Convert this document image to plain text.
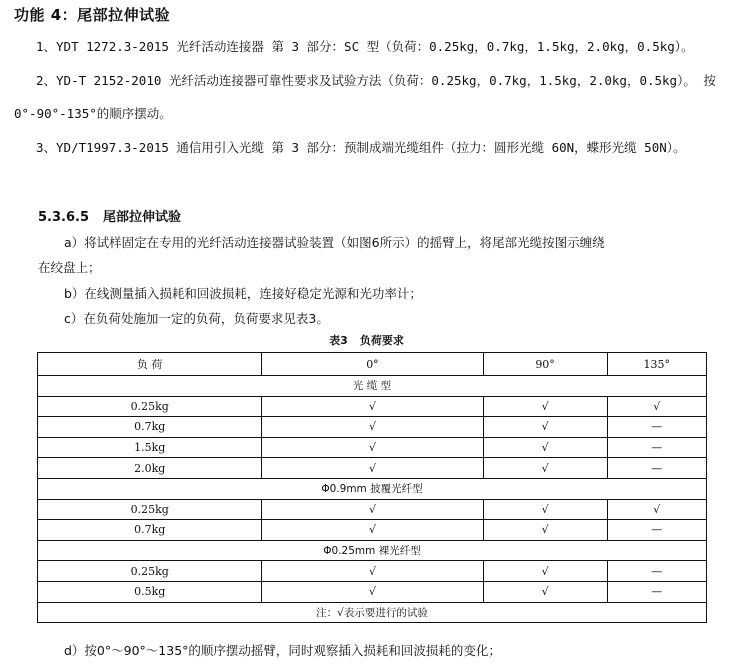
功能 4：尾部拉伸试验
1、YDT 1272.3-2015 光纤活动连接器 第 3 部分：SC 型（负荷：0.25kg，0.7kg，1.5kg，2.0kg，0.5kg）。
2、YD-T 2152-2010 光纤活动连接器可靠性要求及试验方法（负荷：0.25kg，0.7kg，1.5kg，2.0kg，0.5kg）。 按 0°-90°-135°的顺序摆动。
3、YD/T1997.3-2015 通信用引入光缆 第 3 部分：预制成端光缆组件（拉力：圆形光缆 60N，蝶形光缆 50N）。
5.3.6.5 尾部拉伸试验
a）将试样固定在专用的光纤活动连接器试验装置（如图6所示）的摇臂上，将尾部光缆按图示缠绕
在绞盘上；
b）在线测量插入损耗和回波损耗，连接好稳定光源和光功率计；
c）在负荷处施加一定的负荷，负荷要求见表3。
表3 负荷要求
负 荷	0°	90°	135°
光 缆 型			
0.25kg	√	√	√
0.7kg	√	√	—
1.5kg	√	√	—
2.0kg	√	√	—
Φ0.9mm 披覆光纤型			
0.25kg	√	√	√
0.7kg	√	√	—
Φ0.25mm 裸光纤型			
0.25kg	√	√	—
0.5kg	√	√	—
注：√表示要进行的试验			
d）按0°～90°～135°的顺序摆动摇臂，同时观察插入损耗和回波损耗的变化；
